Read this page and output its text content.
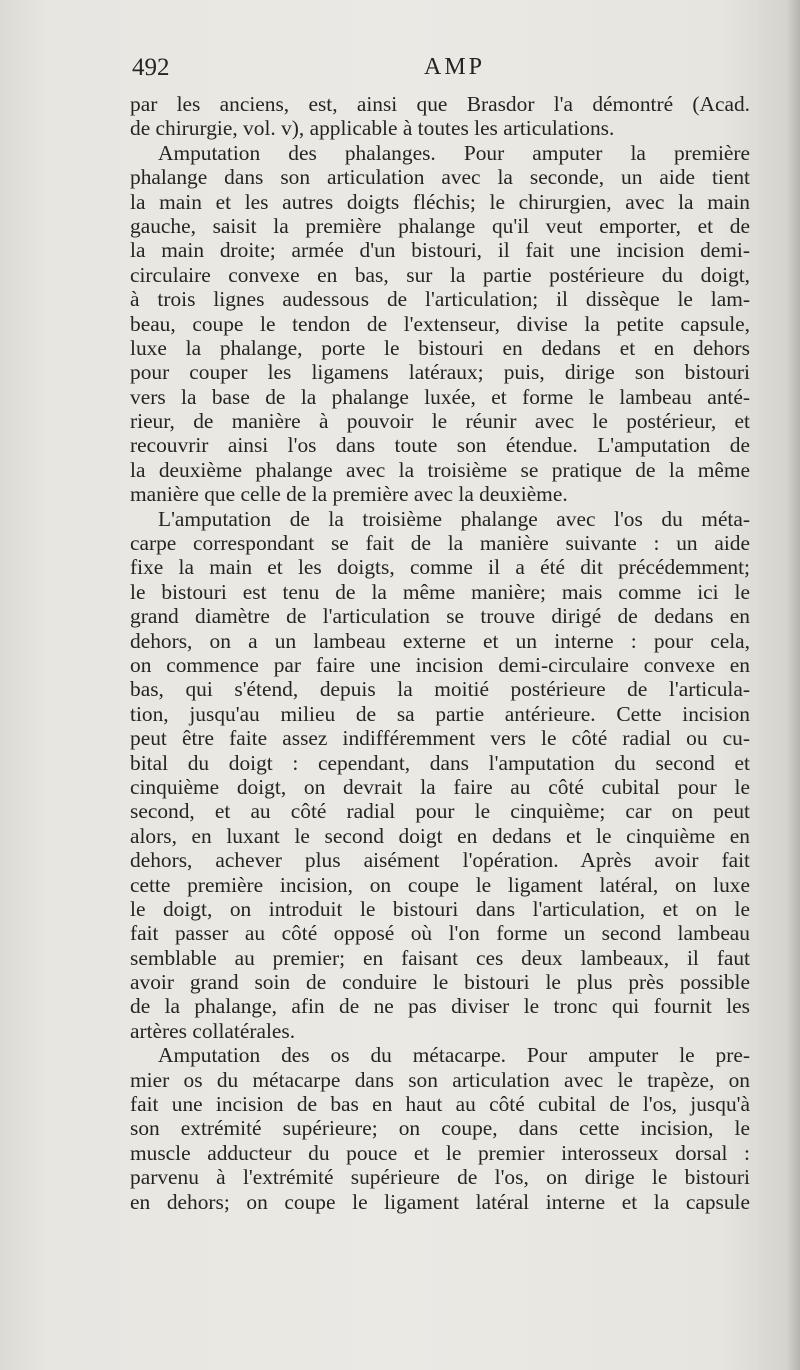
492	AMP
par les anciens, est, ainsi que Brasdor l'a démontré (Acad.
de chirurgie, vol. v), applicable à toutes les articulations.
Amputation des phalanges. Pour amputer la première
phalange dans son articulation avec la seconde, un aide tient
la main et les autres doigts fléchis; le chirurgien, avec la main
gauche, saisit la première phalange qu'il veut emporter, et de
la main droite; armée d'un bistouri, il fait une incision demi-
circulaire convexe en bas, sur la partie postérieure du doigt,
à trois lignes audessous de l'articulation; il dissèque le lam-
beau, coupe le tendon de l'extenseur, divise la petite capsule,
luxe la phalange, porte le bistouri en dedans et en dehors
pour couper les ligamens latéraux; puis, dirige son bistouri
vers la base de la phalange luxée, et forme le lambeau anté-
rieur, de manière à pouvoir le réunir avec le postérieur, et
recouvrir ainsi l'os dans toute son étendue. L'amputation de
la deuxième phalange avec la troisième se pratique de la même
manière que celle de la première avec la deuxième.
L'amputation de la troisième phalange avec l'os du méta-
carpe correspondant se fait de la manière suivante : un aide
fixe la main et les doigts, comme il a été dit précédemment;
le bistouri est tenu de la même manière; mais comme ici le
grand diamètre de l'articulation se trouve dirigé de dedans en
dehors, on a un lambeau externe et un interne : pour cela,
on commence par faire une incision demi-circulaire convexe en
bas, qui s'étend, depuis la moitié postérieure de l'articula-
tion, jusqu'au milieu de sa partie antérieure. Cette incision
peut être faite assez indifféremment vers le côté radial ou cu-
bital du doigt : cependant, dans l'amputation du second et
cinquième doigt, on devrait la faire au côté cubital pour le
second, et au côté radial pour le cinquième; car on peut
alors, en luxant le second doigt en dedans et le cinquième en
dehors, achever plus aisément l'opération. Après avoir fait
cette première incision, on coupe le ligament latéral, on luxe
le doigt, on introduit le bistouri dans l'articulation, et on le
fait passer au côté opposé où l'on forme un second lambeau
semblable au premier; en faisant ces deux lambeaux, il faut
avoir grand soin de conduire le bistouri le plus près possible
de la phalange, afin de ne pas diviser le tronc qui fournit les
artères collatérales.
Amputation des os du métacarpe. Pour amputer le pre-
mier os du métacarpe dans son articulation avec le trapèze, on
fait une incision de bas en haut au côté cubital de l'os, jusqu'à
son extrémité supérieure; on coupe, dans cette incision, le
muscle adducteur du pouce et le premier interosseux dorsal :
parvenu à l'extrémité supérieure de l'os, on dirige le bistouri
en dehors; on coupe le ligament latéral interne et la capsule
